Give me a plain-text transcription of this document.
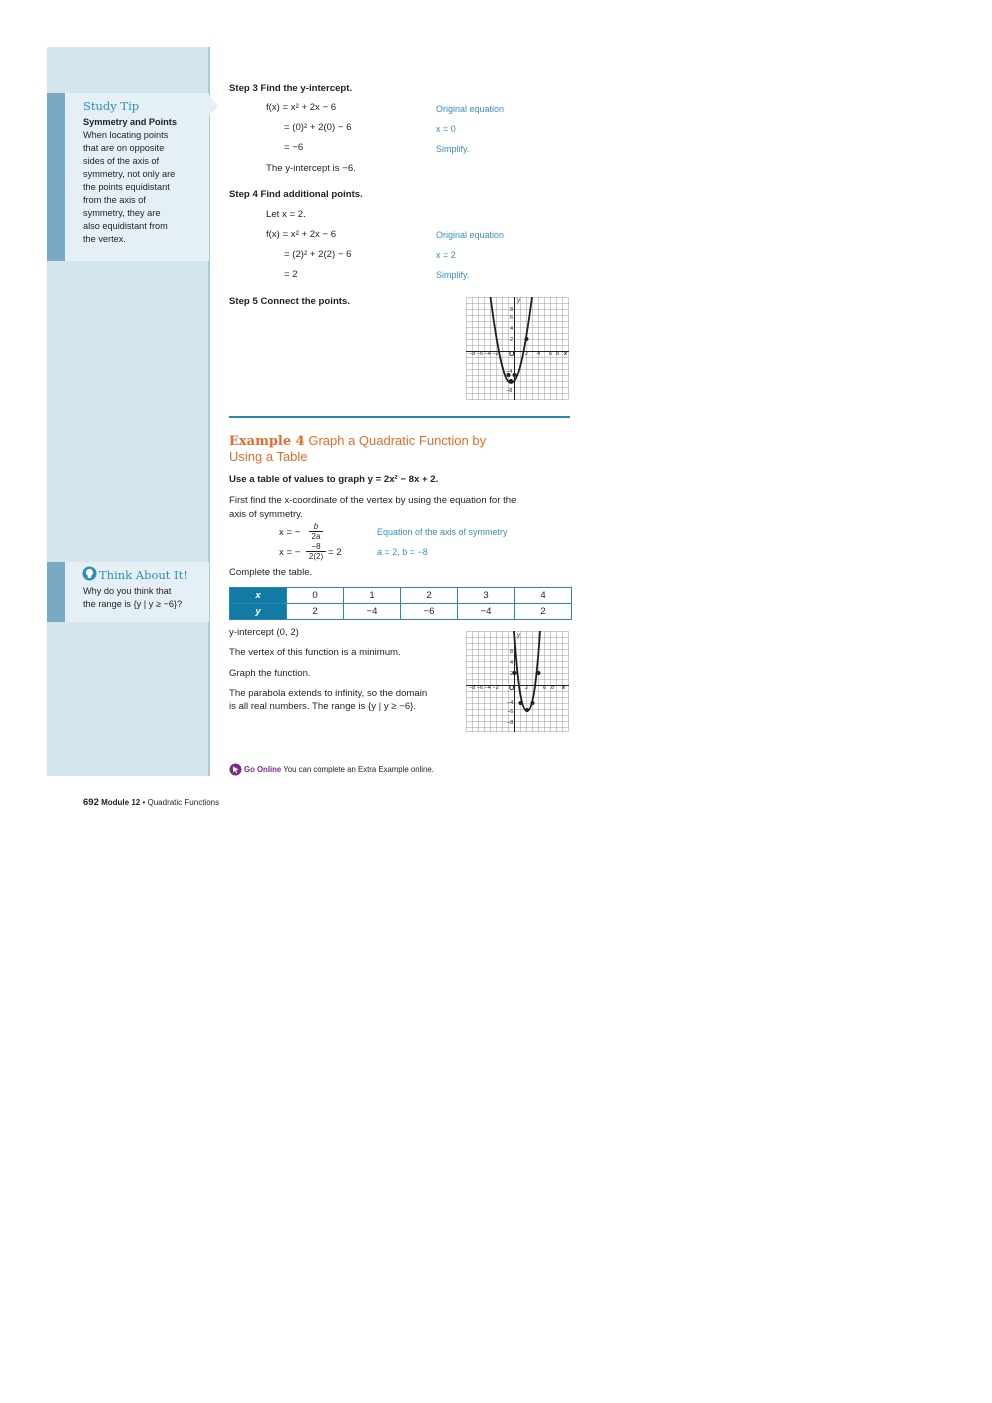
Study Tip
Symmetry and Points
When locating points
that are on opposite
sides of the axis of
symmetry, not only are
the points equidistant
from the axis of
symmetry, they are
also equidistant from
the vertex.
Think About It!
Why do you think that
the range is {y | y ≥ −6}?
Step 3 Find the y-intercept.
f(x) = x² + 2x − 6	Original equation
= (0)² + 2(0) − 6	x = 0
= −6	Simplify.
The y-intercept is −6.
Step 4 Find additional points.
Let x = 2.
f(x) = x² + 2x − 6	Original equation
= (2)² + 2(2) − 6	x = 2
= 2	Simplify.
Step 5 Connect the points.	y
8
6
4
2
−4
−6
−8
−8 −6 −4 −2 O 2 4 6 8 x
Example 4 Graph a Quadratic Function by
Using a Table
Use a table of values to graph y = 2x² − 8x + 2.
First find the x-coordinate of the vertex by using the equation for the
axis of symmetry.
x = − $\frac{b}{2a}$	Equation of the axis of symmetry
x = − $\frac{-8}{2(2)} = 2$	a = 2, b = −8
Complete the table.
x	0	1	2	3	4
y	2	−4	−6	−4	2
y-intercept (0, 2)
The vertex of this function is a minimum.
Graph the function.
The parabola extends to infinity, so the domain
is all real numbers. The range is {y | y ≥ −6}.
y
8
4
2
−4
−6
−8
−8 −6 −4 −2 O 2	6 8 x
Go Online You can complete an Extra Example online.
692 Module 12 • Quadratic Functions
